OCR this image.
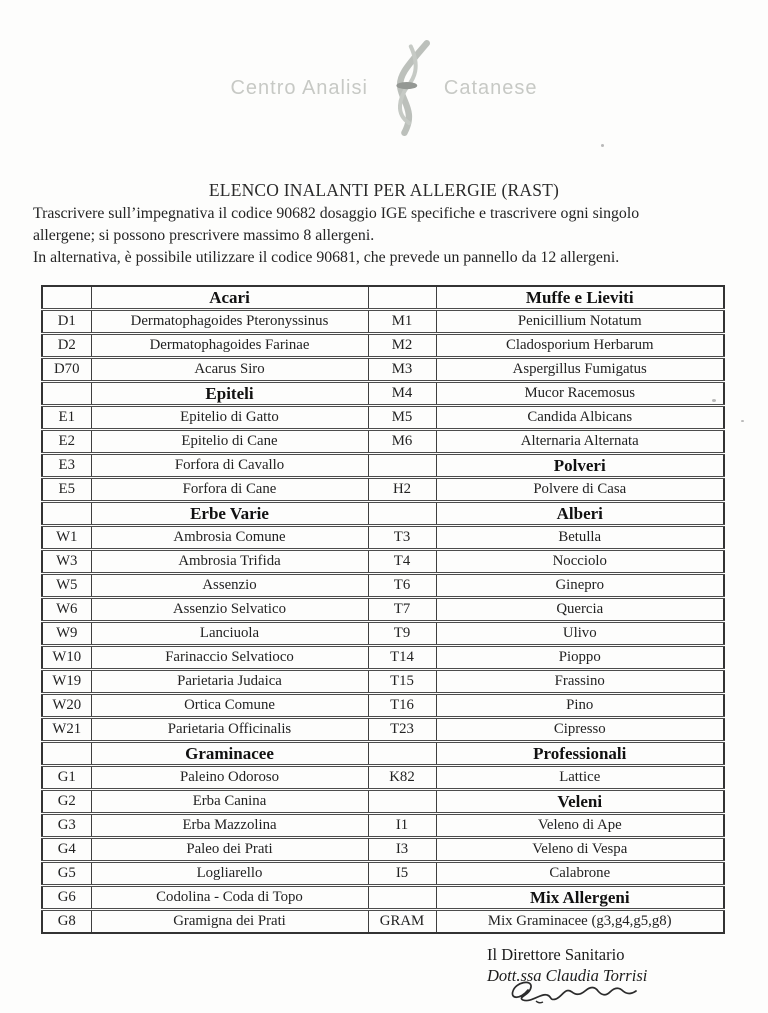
Centro Analisi	Catanese
ELENCO INALANTI PER ALLERGIE (RAST)
Trascrivere sull’impegnativa il codice 90682 dosaggio IGE specifiche e trascrivere ogni singolo
allergene; si possono prescrivere massimo 8 allergeni.
In alternativa, è possibile utilizzare il codice 90681, che prevede un pannello da 12 allergeni.
	Acari		Muffe e Lieviti
D1	Dermatophagoides Pteronyssinus	M1	Penicillium Notatum
D2	Dermatophagoides Farinae	M2	Cladosporium Herbarum
D70	Acarus Siro	M3	Aspergillus Fumigatus
	Epiteli	M4	Mucor Racemosus
E1	Epitelio di Gatto	M5	Candida Albicans
E2	Epitelio di Cane	M6	Alternaria Alternata
E3	Forfora di Cavallo		Polveri
E5	Forfora di Cane	H2	Polvere di Casa
	Erbe Varie		Alberi
W1	Ambrosia Comune	T3	Betulla
W3	Ambrosia Trifida	T4	Nocciolo
W5	Assenzio	T6	Ginepro
W6	Assenzio Selvatico	T7	Quercia
W9	Lanciuola	T9	Ulivo
W10	Farinaccio Selvatioco	T14	Pioppo
W19	Parietaria Judaica	T15	Frassino
W20	Ortica Comune	T16	Pino
W21	Parietaria Officinalis	T23	Cipresso
	Graminacee		Professionali
G1	Paleino Odoroso	K82	Lattice
G2	Erba Canina		Veleni
G3	Erba Mazzolina	I1	Veleno di Ape
G4	Paleo dei Prati	I3	Veleno di Vespa
G5	Logliarello	I5	Calabrone
G6	Codolina - Coda di Topo		Mix Allergeni
G8	Gramigna dei Prati	GRAM	Mix Graminacee (g3,g4,g5,g8)
Il Direttore Sanitario
Dott.ssa Claudia Torrisi
